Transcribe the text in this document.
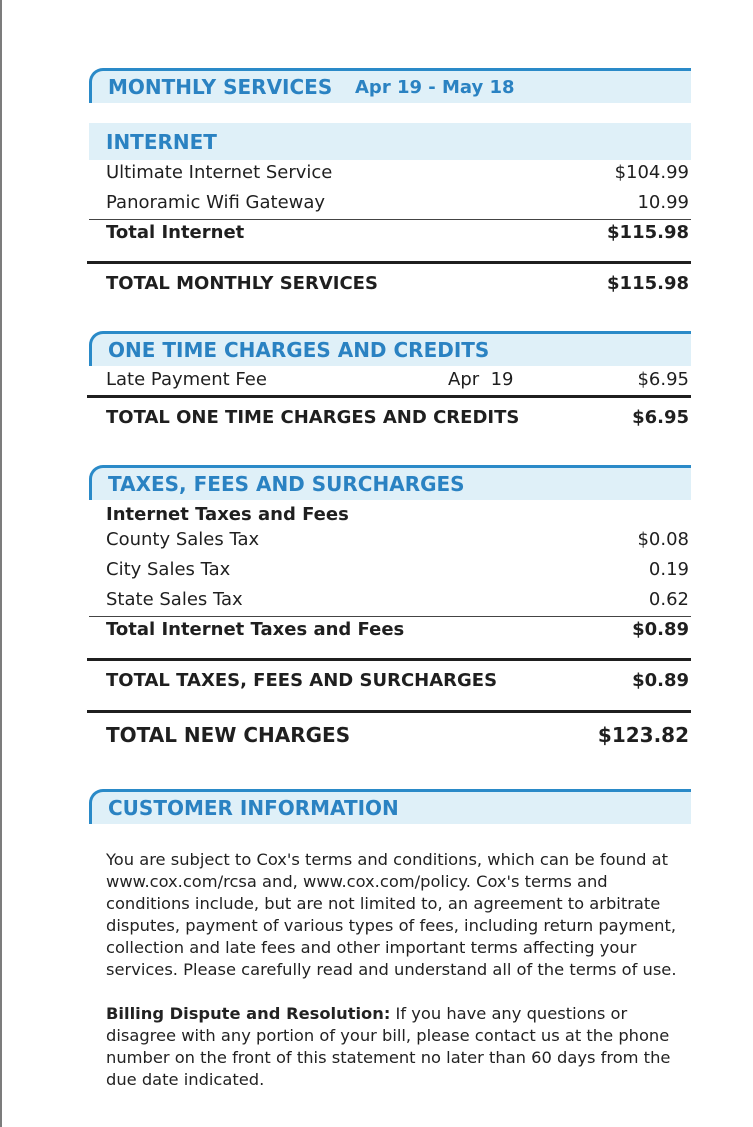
MONTHLY SERVICES Apr 19 - May 18
INTERNET
Ultimate Internet Service	$104.99
Panoramic Wifi Gateway	10.99
Total Internet	$115.98
TOTAL MONTHLY SERVICES	$115.98
ONE TIME CHARGES AND CREDITS
Late Payment Fee	Apr  19	$6.95
TOTAL ONE TIME CHARGES AND CREDITS	$6.95
TAXES, FEES AND SURCHARGES
Internet Taxes and Fees
County Sales Tax	$0.08
City Sales Tax	0.19
State Sales Tax	0.62
Total Internet Taxes and Fees	$0.89
TOTAL TAXES, FEES AND SURCHARGES	$0.89
TOTAL NEW CHARGES	$123.82
CUSTOMER INFORMATION
You are subject to Cox's terms and conditions, which can be found at www.cox.com/rcsa and, www.cox.com/policy. Cox's terms and conditions include, but are not limited to, an agreement to arbitrate disputes, payment of various types of fees, including return payment, collection and late fees and other important terms affecting your services. Please carefully read and understand all of the terms of use.
Billing Dispute and Resolution: If you have any questions or disagree with any portion of your bill, please contact us at the phone number on the front of this statement no later than 60 days from the due date indicated.
